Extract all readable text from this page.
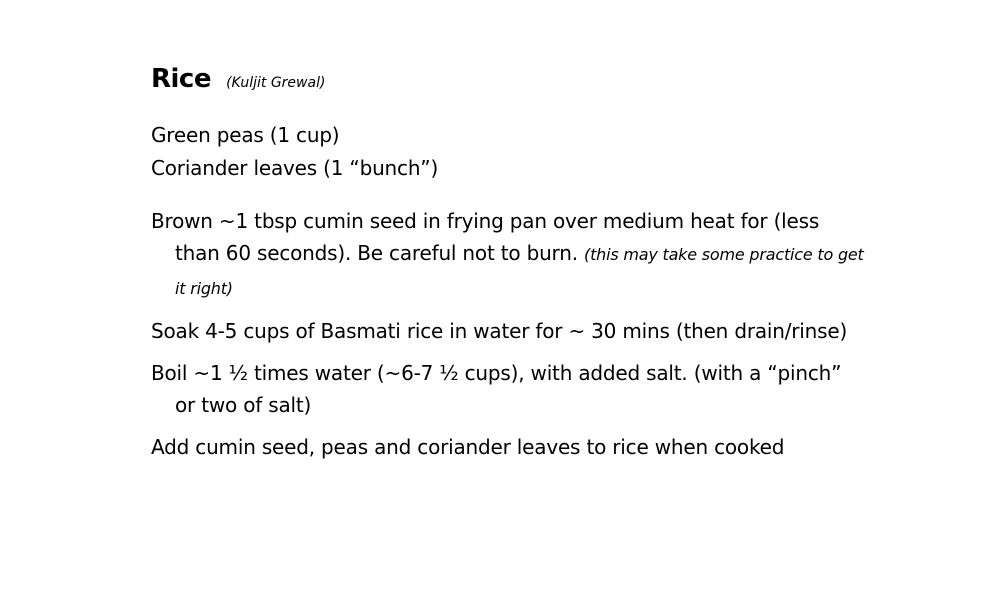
Rice (Kuljit Grewal)
Green peas (1 cup)
Coriander leaves (1 “bunch”)
Brown ~1 tbsp cumin seed in frying pan over medium heat for (less than 60 seconds). Be careful not to burn. (this may take some practice to get it right)
Soak 4-5 cups of Basmati rice in water for ~ 30 mins (then drain/rinse)
Boil ~1 ½ times water (~6-7 ½ cups), with added salt. (with a “pinch” or two of salt)
Add cumin seed, peas and coriander leaves to rice when cooked
